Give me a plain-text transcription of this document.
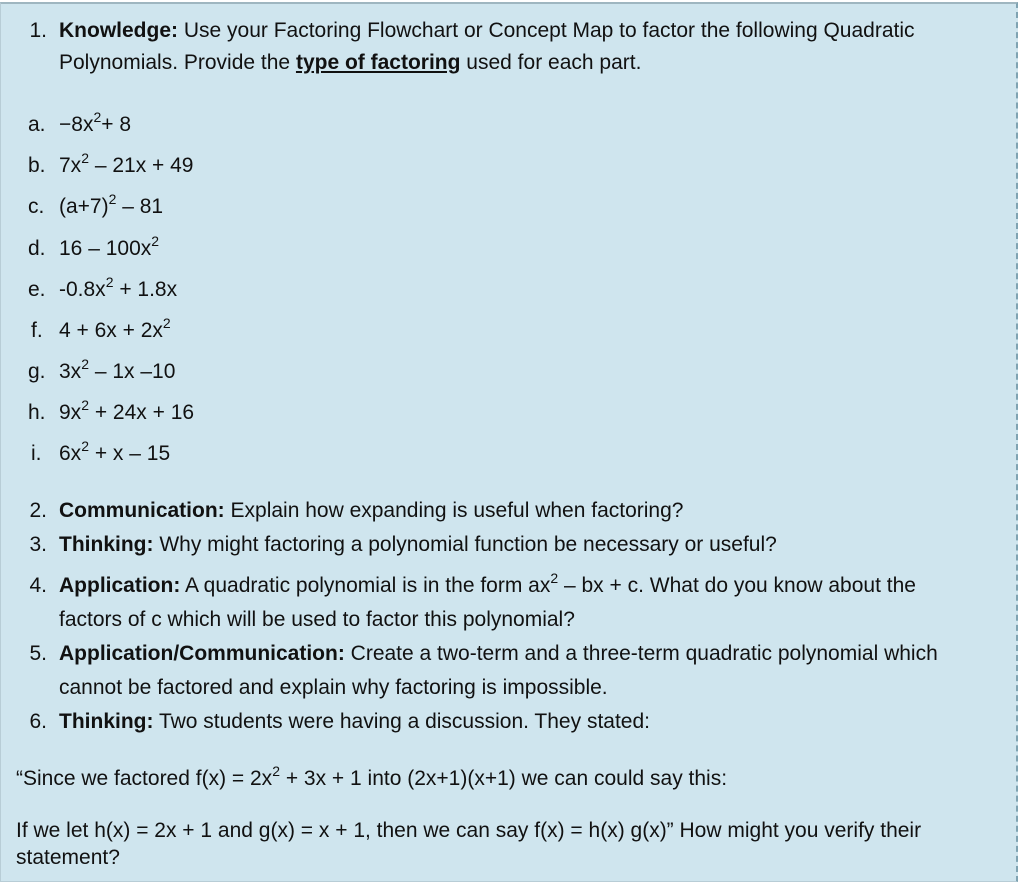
1. Knowledge: Use your Factoring Flowchart or Concept Map to factor the following Quadratic
Polynomials. Provide the type of factoring used for each part.
a. −8x2+ 8
b. 7x2 – 21x + 49
c. (a+7)2 – 81
d. 16 – 100x2
e. -0.8x2 + 1.8x
f. 4 + 6x + 2x2
g. 3x2 – 1x –10
h. 9x2 + 24x + 16
i. 6x2 + x – 15
2. Communication: Explain how expanding is useful when factoring?
3. Thinking: Why might factoring a polynomial function be necessary or useful?
4. Application: A quadratic polynomial is in the form ax2 – bx + c. What do you know about the
factors of c which will be used to factor this polynomial?
5. Application/Communication: Create a two-term and a three-term quadratic polynomial which
cannot be factored and explain why factoring is impossible.
6. Thinking: Two students were having a discussion. They stated:
“Since we factored f(x) = 2x2 + 3x + 1 into (2x+1)(x+1) we can could say this:
If we let h(x) = 2x + 1 and g(x) = x + 1, then we can say f(x) = h(x) g(x)” How might you verify their
statement?
